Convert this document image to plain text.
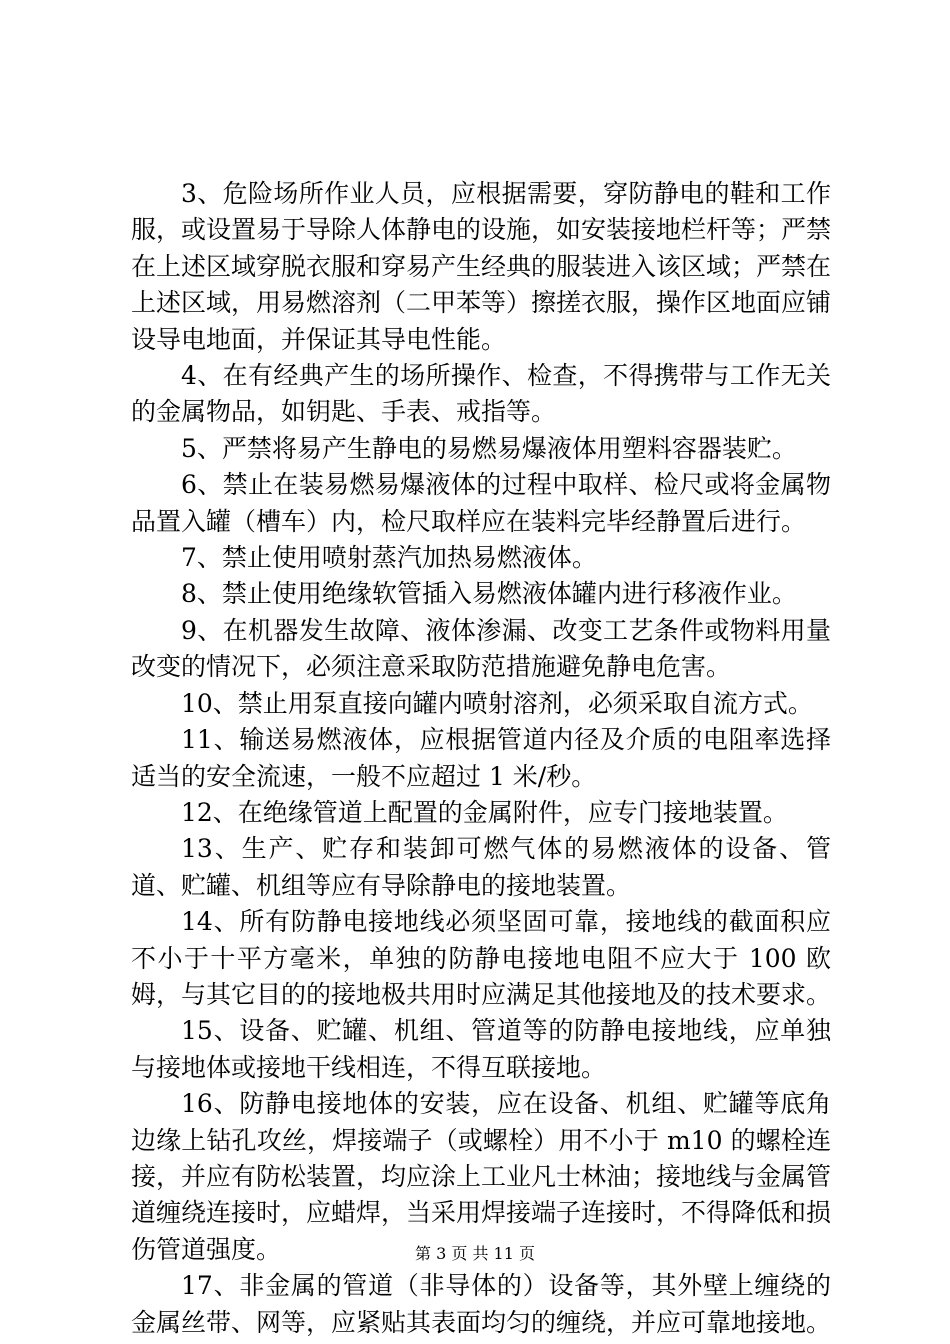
3、危险场所作业人员，应根据需要，穿防静电的鞋和工作服，或设置易于导除人体静电的设施，如安装接地栏杆等；严禁在上述区域穿脱衣服和穿易产生经典的服装进入该区域；严禁在上述区域，用易燃溶剂（二甲苯等）擦搓衣服，操作区地面应铺设导电地面，并保证其导电性能。

4、在有经典产生的场所操作、检查，不得携带与工作无关的金属物品，如钥匙、手表、戒指等。

5、严禁将易产生静电的易燃易爆液体用塑料容器装贮。

6、禁止在装易燃易爆液体的过程中取样、检尺或将金属物品置入罐（槽车）内，检尺取样应在装料完毕经静置后进行。

7、禁止使用喷射蒸汽加热易燃液体。

8、禁止使用绝缘软管插入易燃液体罐内进行移液作业。

9、在机器发生故障、液体渗漏、改变工艺条件或物料用量改变的情况下，必须注意采取防范措施避免静电危害。

10、禁止用泵直接向罐内喷射溶剂，必须采取自流方式。

11、输送易燃液体，应根据管道内径及介质的电阻率选择适当的安全流速，一般不应超过 1 米/秒。

12、在绝缘管道上配置的金属附件，应专门接地装置。

13、生产、贮存和装卸可燃气体的易燃液体的设备、管道、贮罐、机组等应有导除静电的接地装置。

14、所有防静电接地线必须坚固可靠，接地线的截面积应不小于十平方毫米，单独的防静电接地电阻不应大于 100 欧姆，与其它目的的接地极共用时应满足其他接地及的技术要求。

15、设备、贮罐、机组、管道等的防静电接地线，应单独与接地体或接地干线相连，不得互联接地。

16、防静电接地体的安装，应在设备、机组、贮罐等底角边缘上钻孔攻丝，焊接端子（或螺栓）用不小于 m10 的螺栓连接，并应有防松装置，均应涂上工业凡士林油；接地线与金属管道缠绕连接时，应蜡焊，当采用焊接端子连接时，不得降低和损伤管道强度。

17、非金属的管道（非导体的）设备等，其外壁上缠绕的金属丝带、网等，应紧贴其表面均匀的缠绕，并应可靠地接地。

第 3 页 共 11 页
